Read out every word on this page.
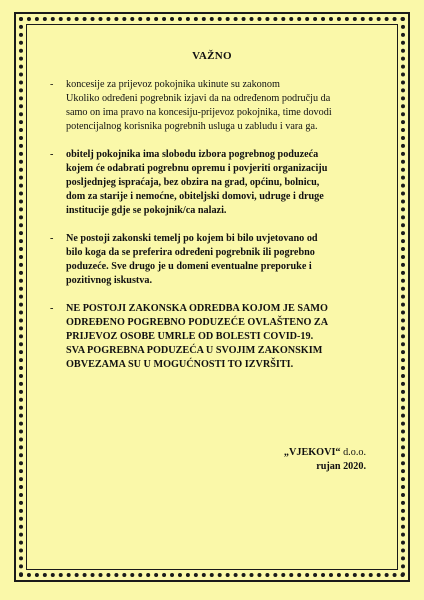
VAŽNO
- koncesije za prijevoz pokojnika ukinute su zakonom

Ukoliko određeni pogrebnik izjavi da na određenom području da

samo on ima pravo na koncesiju-prijevoz pokojnika, time dovodi

potencijalnog korisnika pogrebnih usluga u zabludu i vara ga.

- obitelj pokojnika ima slobodu izbora pogrebnog poduzeća

kojem će odabrati pogrebnu opremu i povjeriti organizaciju

posljednjeg ispraćaja, bez obzira na grad, općinu, bolnicu,

dom za starije i nemoćne, obiteljski domovi, udruge i druge

institucije gdje se pokojnik/ca nalazi.

- Ne postoji zakonski temelj po kojem bi bilo uvjetovano od

bilo koga da se preferira određeni pogrebnik ili pogrebno

poduzeće. Sve drugo je u domeni eventualne preporuke i

pozitivnog iskustva.

- NE POSTOJI ZAKONSKA ODREDBA KOJOM JE SAMO

ODREĐENO POGREBNO PODUZEĆE OVLAŠTENO ZA

PRIJEVOZ OSOBE UMRLE OD BOLESTI COVID-19.

SVA POGREBNA PODUZEĆA U SVOJIM ZAKONSKIM

OBVEZAMA SU U MOGUĆNOSTI TO IZVRŠITI.

„VJEKOVI“ d.o.o.
rujan 2020.
